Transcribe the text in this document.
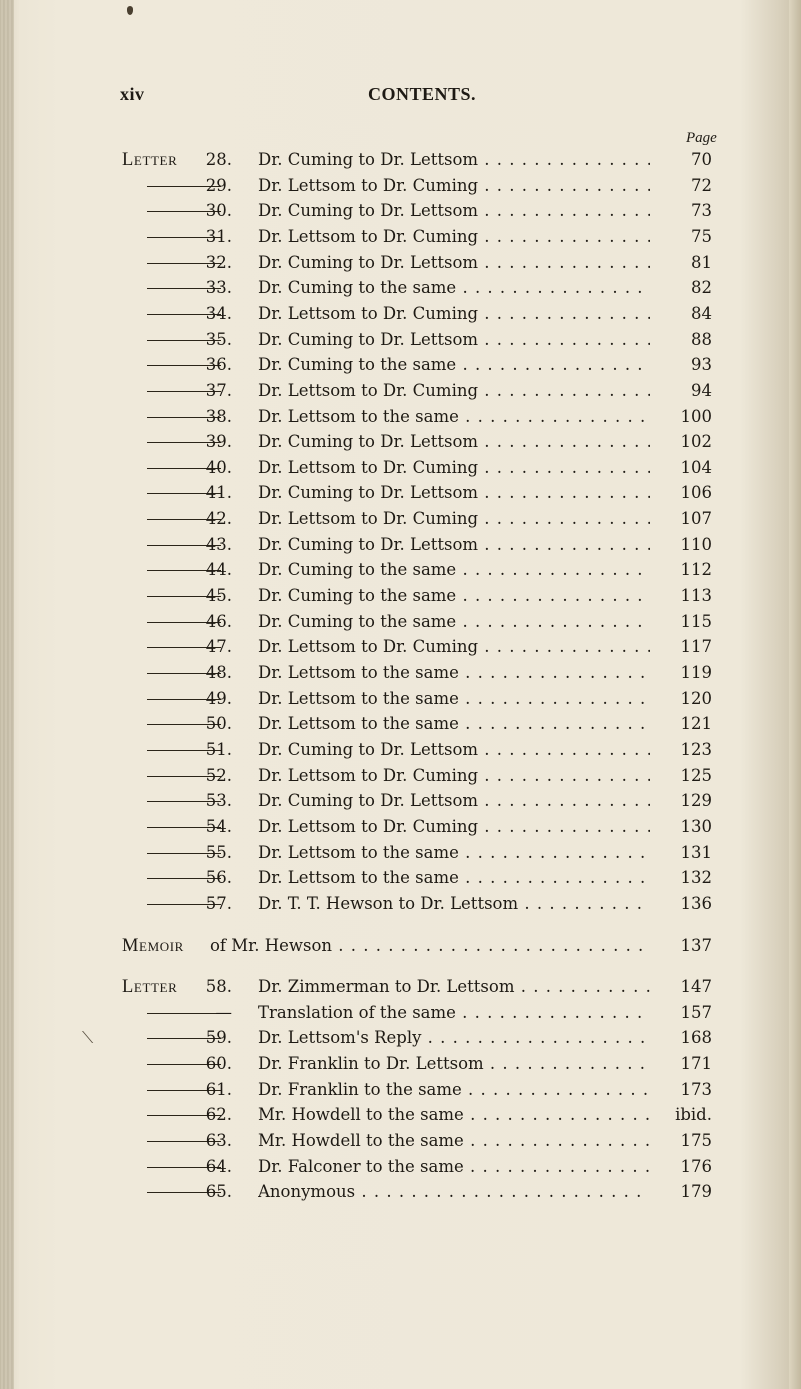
xiv	CONTENTS.
Page
Letter 28. Dr. Cuming to Dr. Lettsom . . .	70
29. Dr. Lettsom to Dr. Cuming . . .	72
30. Dr. Cuming to Dr. Lettsom . . .	73
31. Dr. Lettsom to Dr. Cuming . . .	75
32. Dr. Cuming to Dr. Lettsom . . .	81
33. Dr. Cuming to the same . . .	82
34. Dr. Lettsom to Dr. Cuming . . .	84
35. Dr. Cuming to Dr. Lettsom . . .	88
36. Dr. Cuming to the same . . .	93
37. Dr. Lettsom to Dr. Cuming . . .	94
38. Dr. Lettsom to the same . . .	100
39. Dr. Cuming to Dr. Lettsom . . .	102
40. Dr. Lettsom to Dr. Cuming . . .	104
41. Dr. Cuming to Dr. Lettsom . . .	106
42. Dr. Lettsom to Dr. Cuming . . .	107
43. Dr. Cuming to Dr. Lettsom . . .	110
44. Dr. Cuming to the same . . .	112
45. Dr. Cuming to the same . . .	113
46. Dr. Cuming to the same . . .	115
47. Dr. Lettsom to Dr. Cuming . . .	117
48. Dr. Lettsom to the same . . .	119
49. Dr. Lettsom to the same . . .	120
50. Dr. Lettsom to the same . . .	121
51. Dr. Cuming to Dr. Lettsom . . .	123
52. Dr. Lettsom to Dr. Cuming . . .	125
53. Dr. Cuming to Dr. Lettsom . . .	129
54. Dr. Lettsom to Dr. Cuming . . .	130
55. Dr. Lettsom to the same . . .	131
56. Dr. Lettsom to the same . . .	132
57. Dr. T. T. Hewson to Dr. Lettsom . . .	136
Memoir of Mr. Hewson . . .	137
Letter 58. Dr. Zimmerman to Dr. Lettsom . . .	147
— Translation of the same . . .	157
59. Dr. Lettsom's Reply . . .	168
60. Dr. Franklin to Dr. Lettsom . . .	171
61. Dr. Franklin to the same . . .	173
62. Mr. Howdell to the same . . .	ibid.
63. Mr. Howdell to the same . . .	175
64. Dr. Falconer to the same . . .	176
65. Anonymous . . .	179
⟍
